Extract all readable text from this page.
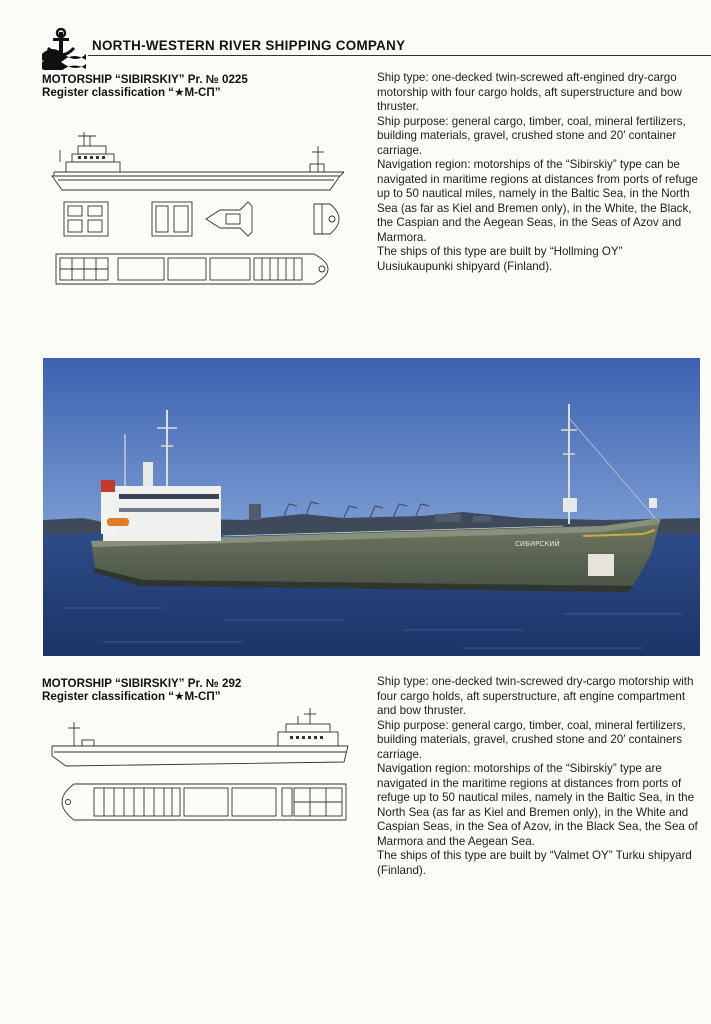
NORTH-WESTERN RIVER SHIPPING COMPANY
MOTORSHIP “SIBIRSKIY” Pr. № 0225
Register classification “★М-СП”

Ship type: one-decked twin-screwed aft-engined dry-cargo motorship with four cargo holds, aft superstructure and bow thruster.

Ship purpose: general cargo, timber, coal, mineral fertilizers, building materials, gravel, crushed stone and 20′ container carriage.

Navigation region: motorships of the “Sibirskiy” type can be navigated in maritime regions at distances from ports of refuge up to 50 nautical miles, namely in the Baltic Sea, in the North Sea (as far as Kiel and Bremen only), in the White, the Black, the Caspian and the Aegean Seas, in the Seas of Azov and Marmora.

The ships of this type are built by “Hollming OY” Uusiukaupunki shipyard (Finland).

СИБИРСКИЙ
MOTORSHIP “SIBIRSKIY” Pr. № 292
Register classification “★М-СП”

Ship type: one-decked twin-screwed dry-cargo motorship with four cargo holds, aft superstructure, aft engine compartment and bow thruster.

Ship purpose: general cargo, timber, coal, mineral fertilizers, building materials, gravel, crushed stone and 20′ containers carriage.

Navigation region: motorships of the “Sibirskiy” type are navigated in the maritime regions at distances from ports of refuge up to 50 nautical miles, namely in the Baltic Sea, in the North Sea (as far as Kiel and Bremen only), in the White and Caspian Seas, in the Sea of Azov, in the Black Sea, the Sea of Marmora and the Aegean Sea.

The ships of this type are built by “Valmet OY” Turku shipyard (Finland).
